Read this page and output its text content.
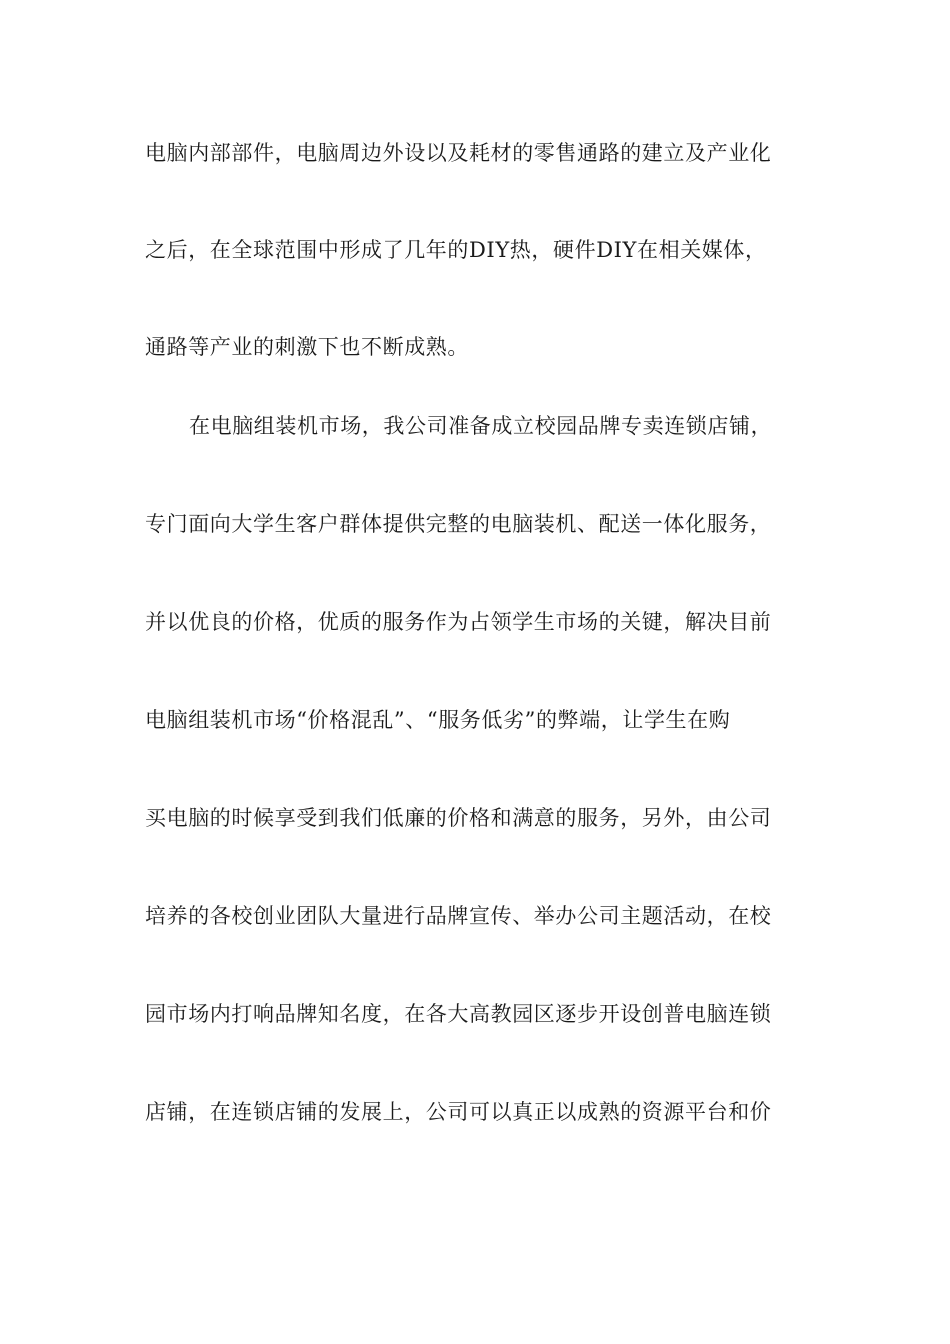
电脑内部部件，电脑周边外设以及耗材的零售通路的建立及产业化
之后，在全球范围中形成了几年的DIY热，硬件DIY在相关媒体，
通路等产业的刺激下也不断成熟。
在电脑组装机市场，我公司准备成立校园品牌专卖连锁店铺，
专门面向大学生客户群体提供完整的电脑装机、配送一体化服务，
并以优良的价格，优质的服务作为占领学生市场的关键，解决目前
电脑组装机市场“价格混乱”、“服务低劣”的弊端，让学生在购
买电脑的时候享受到我们低廉的价格和满意的服务，另外，由公司
培养的各校创业团队大量进行品牌宣传、举办公司主题活动，在校
园市场内打响品牌知名度，在各大高教园区逐步开设创普电脑连锁
店铺，在连锁店铺的发展上，公司可以真正以成熟的资源平台和价
